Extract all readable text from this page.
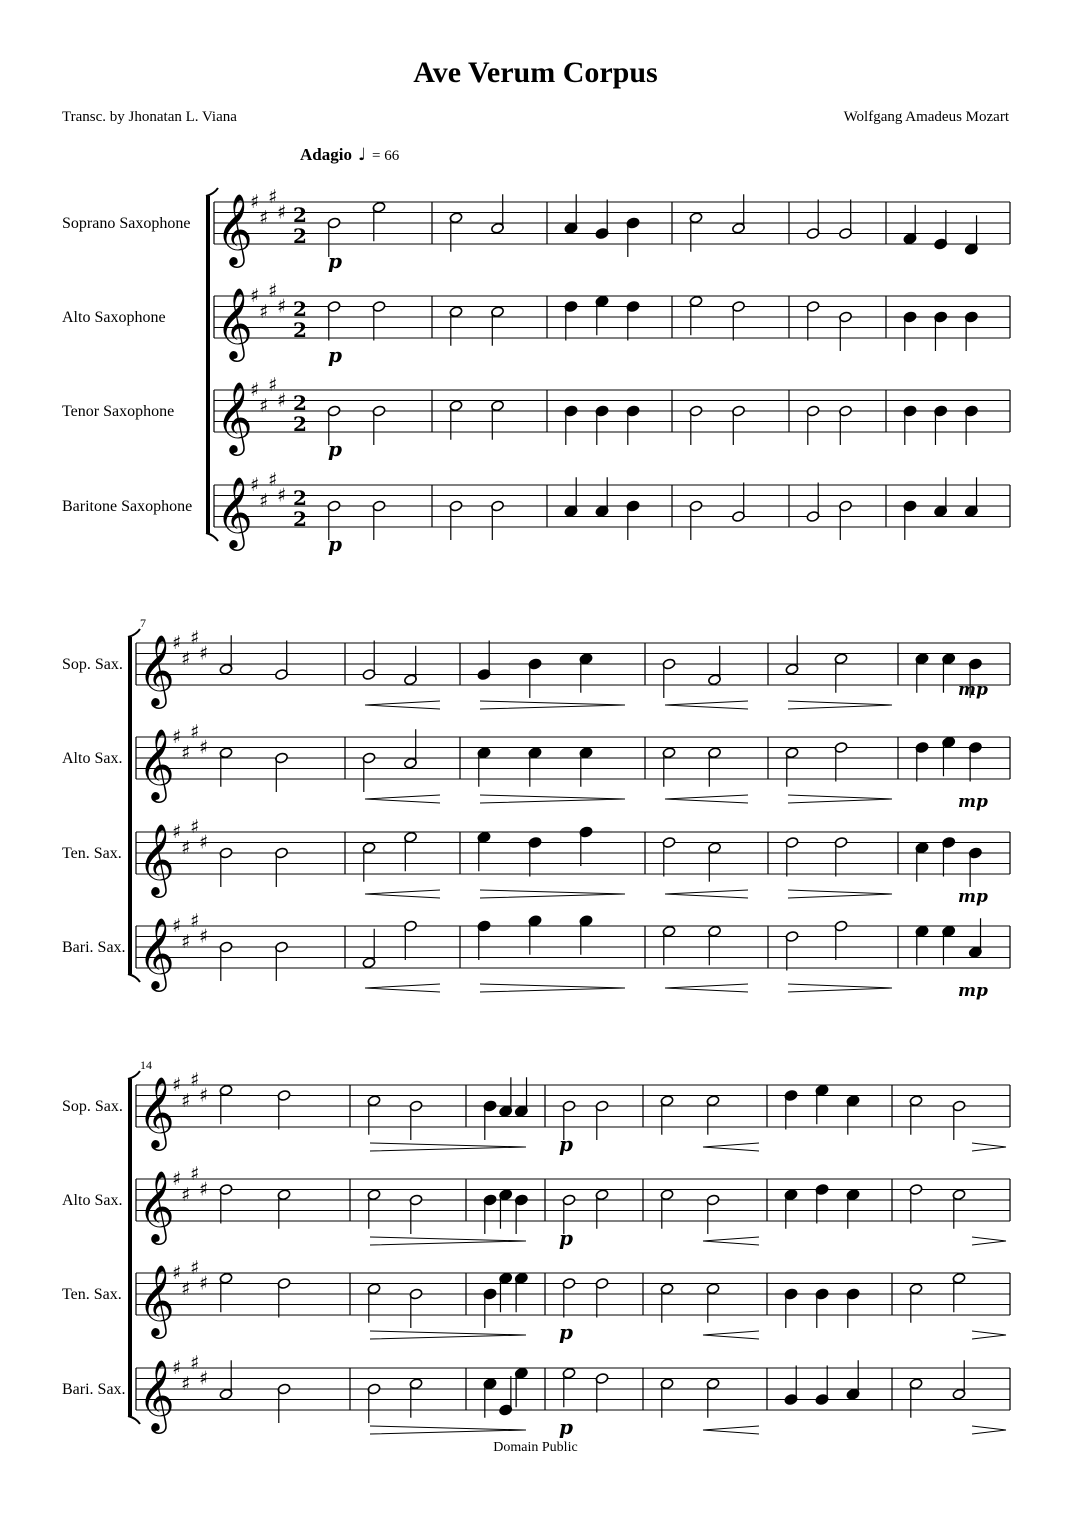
Ave Verum Corpus
Transc. by Jhonatan L. Viana	Wolfgang Amadeus Mozart
𝄞
♯
♯
♯
♯
Soprano Saxophone	2
2
p
𝄞
♯
♯
♯
♯
Alto Saxophone	2
2
p
𝄞
♯
♯
♯
♯
Tenor Saxophone	2
2
p
𝄞
♯
♯
♯
♯
Baritone Saxophone	2
2
p
7
𝄞
♯
♯
♯
♯
Sop. Sax.
mp
𝄞
♯
♯
♯
♯
Alto Sax.
mp
𝄞
♯
♯
♯
♯
Ten. Sax.
mp
𝄞
♯
♯
♯
♯
Bari. Sax.
mp
14
𝄞
♯
♯
♯
♯
Sop. Sax.
p
𝄞
♯
♯
♯
♯
Alto Sax.
p
𝄞
♯
♯
♯
♯
Ten. Sax.
p
𝄞
♯
♯
♯
♯
Bari. Sax.
p
Adagio ♩ = 66
Domain Public
